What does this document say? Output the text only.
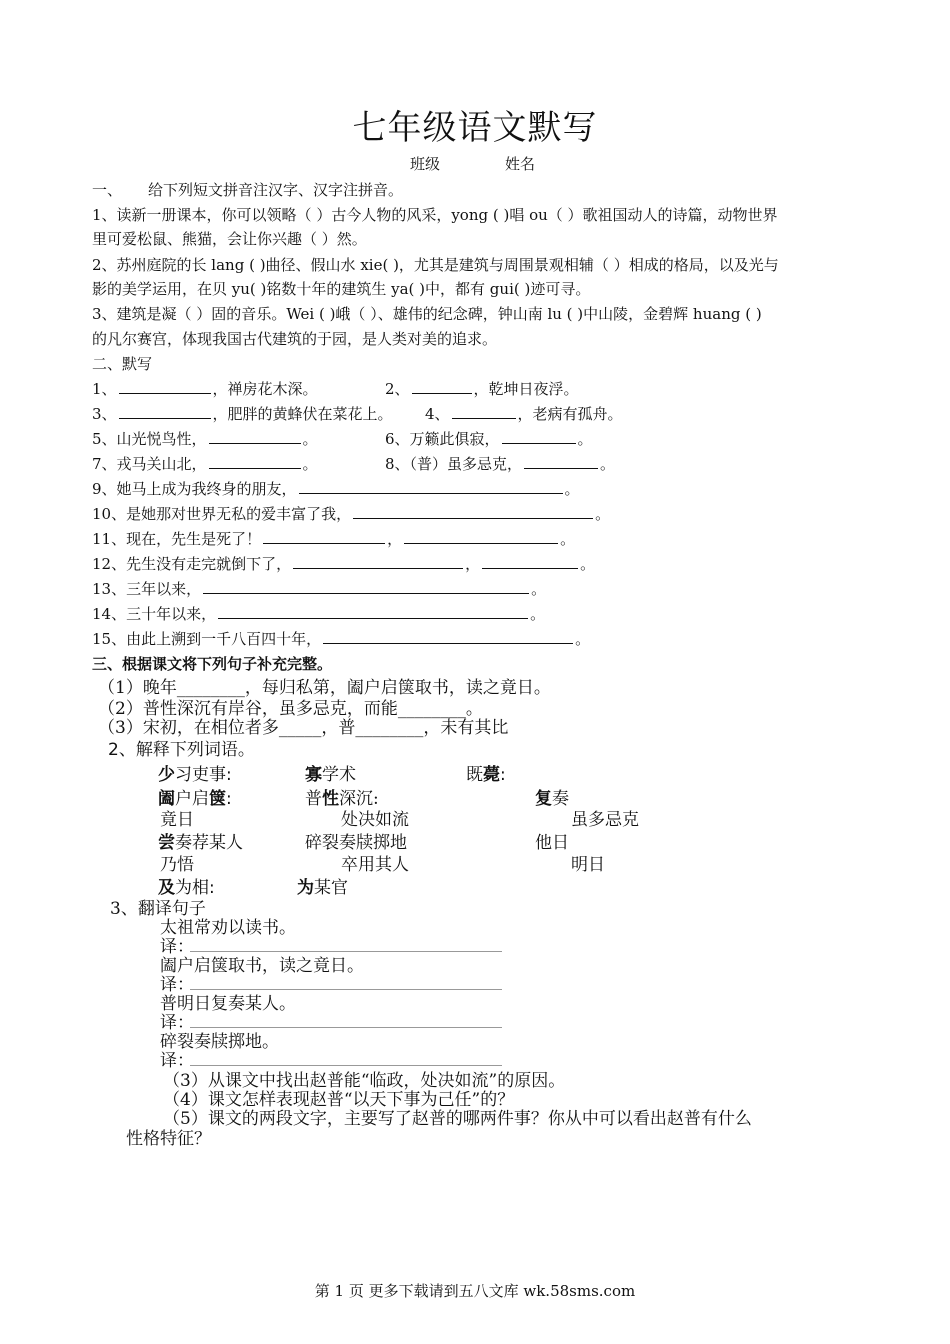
七年级语文默写
班级	姓名
一、 给下列短文拼音注汉字、汉字注拼音。
1、读新一册课本，你可以领略（ ）古今人物的风采，yong ( )唱 ou（ ）歌祖国动人的诗篇，动物世界
里可爱松鼠、熊猫，会让你兴趣（ ）然。
2、苏州庭院的长 lang ( )曲径、假山水 xie( )，尤其是建筑与周围景观相辅（ ）相成的格局，以及光与
影的美学运用，在贝 yu( )铭数十年的建筑生 ya( )中，都有 gui( )迹可寻。
3、建筑是凝（ ）固的音乐。Wei ( )峨（ ）、雄伟的纪念碑，钟山南 lu ( )中山陵，金碧辉 huang ( )
的凡尔赛宫，体现我国古代建筑的于园，是人类对美的追求。
二、默写
1、	，禅房花木深。	2、	，乾坤日夜浮。
3、	，肥胖的黄蜂伏在菜花上。 4、	，老病有孤舟。
5、山光悦鸟性，	。	6、万籁此俱寂，	。
7、戎马关山北，	。	8、（普）虽多忌克，	。
9、她马上成为我终身的朋友，	。
10、是她那对世界无私的爱丰富了我，	。
11、现在，先生是死了！	，	。
12、先生没有走完就倒下了，	，	。
13、三年以来，	。
14、三十年以来，	。
15、由此上溯到一千八百四十年，	。
三、根据课文将下列句子补充完整。
（1）晚年________，每归私第，阖户启箧取书，读之竟日。
（2）普性深沉有岸谷，虽多忌克，而能________。
（3）宋初，在相位者多_____，普________，未有其比
2、解释下列词语。
少习吏事:	寡学术	既薨:
阖户启箧:	普性深沉:	复奏
竟日	处决如流	虽多忌克
尝奏荐某人	碎裂奏牍掷地	他日
乃悟	卒用其人	明日
及为相:	为某官
3、翻译句子
太祖常劝以读书。
译：
阖户启箧取书，读之竟日。
译：
普明日复奏某人。
译：
碎裂奏牍掷地。
译：
（3）从课文中找出赵普能“临政，处决如流”的原因。
（4）课文怎样表现赵普“以天下事为己任”的？
（5）课文的两段文字，主要写了赵普的哪两件事？你从中可以看出赵普有什么
性格特征？
第 1 页 更多下载请到五八文库 wk.58sms.com
